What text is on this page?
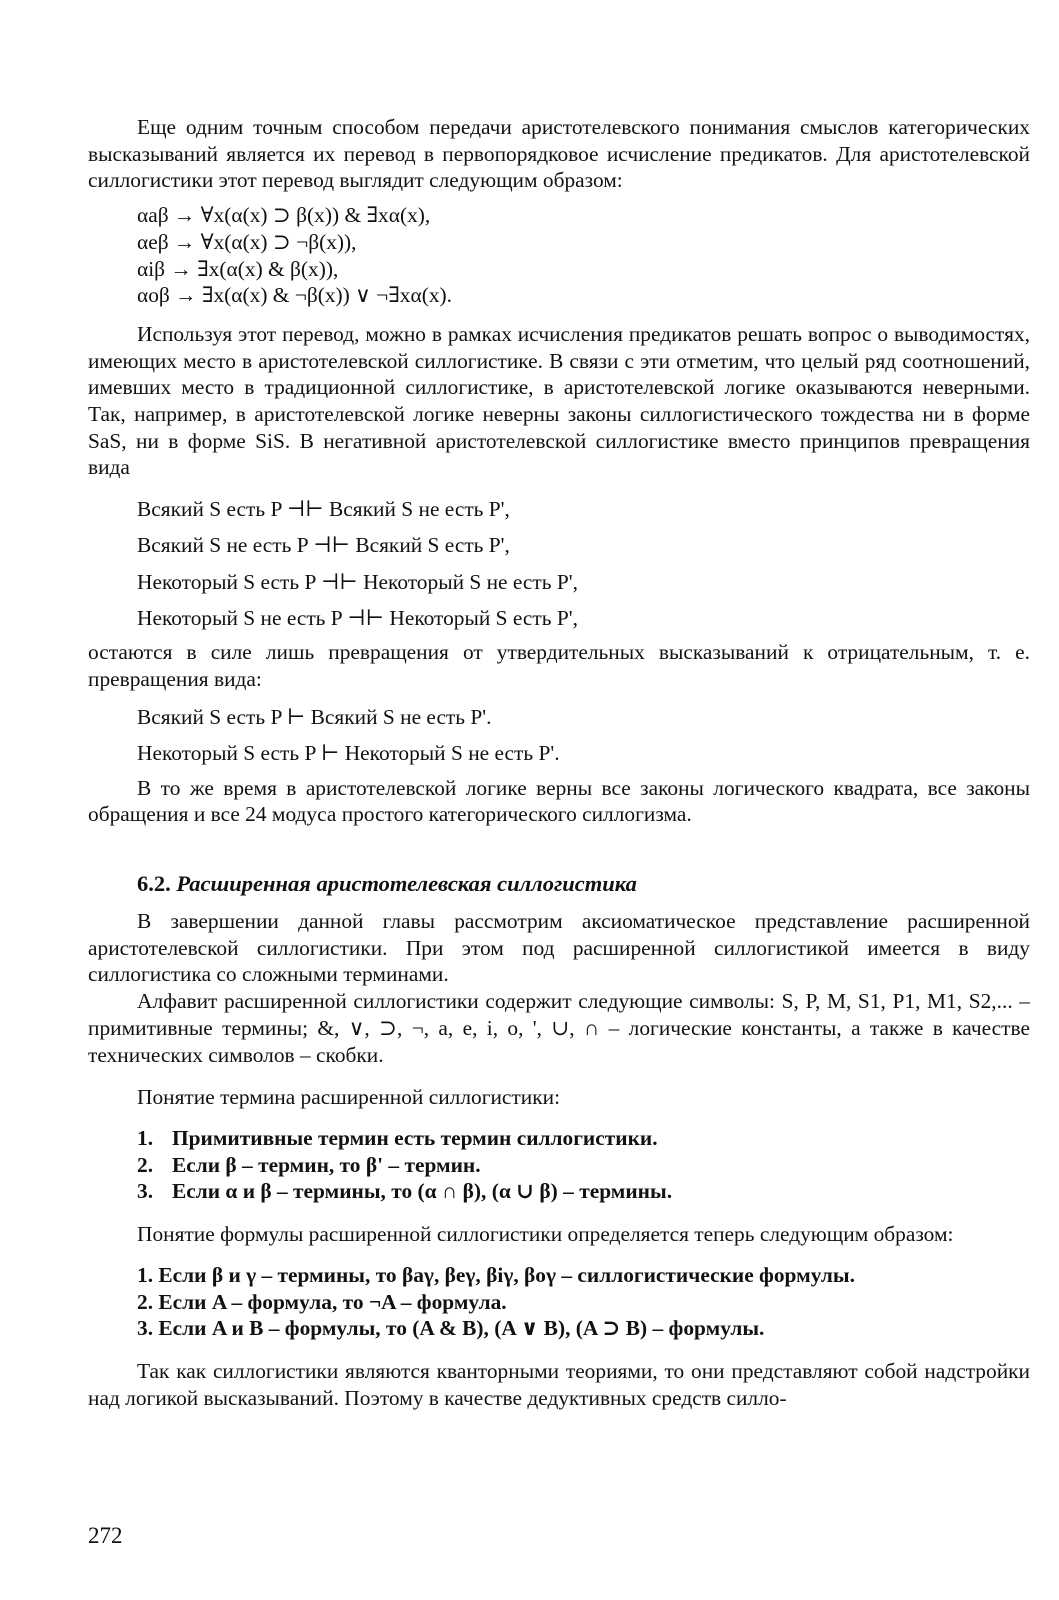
Еще одним точным способом передачи аристотелевского понимания смыслов категорических высказываний является их перевод в первопорядковое исчисление предикатов. Для аристотелевской силлогистики этот перевод выглядит следующим образом:

αaβ → ∀x(α(x) ⊃ β(x)) & ∃xα(x),
αeβ → ∀x(α(x) ⊃ ¬β(x)),
αiβ → ∃x(α(x) & β(x)),
αoβ → ∃x(α(x) & ¬β(x)) ∨ ¬∃xα(x).

Используя этот перевод, можно в рамках исчисления предикатов решать вопрос о выводимостях, имеющих место в аристотелевской силлогистике. В связи с эти отметим, что целый ряд соотношений, имевших место в традиционной силлогистике, в аристотелевской логике оказываются неверными. Так, например, в аристотелевской логике неверны законы силлогистического тождества ни в форме SaS, ни в форме SiS. В негативной аристотелевской силлогистике вместо принципов превращения вида

Всякий S есть P ⊣⊢ Всякий S не есть P',
Всякий S не есть P ⊣⊢ Всякий S есть P',
Некоторый S есть P ⊣⊢ Некоторый S не есть P',
Некоторый S не есть P ⊣⊢ Некоторый S есть P',

остаются в силе лишь превращения от утвердительных высказываний к отрицательным, т. е. превращения вида:

Всякий S есть P ⊢ Всякий S не есть P'.
Некоторый S есть P ⊢ Некоторый S не есть P'.

В то же время в аристотелевской логике верны все законы логического квадрата, все законы обращения и все 24 модуса простого категорического силлогизма.

6.2. Расширенная аристотелевская силлогистика

В завершении данной главы рассмотрим аксиоматическое представление расширенной аристотелевской силлогистики. При этом под расширенной силлогистикой имеется в виду силлогистика со сложными терминами.

Алфавит расширенной силлогистики содержит следующие символы: S, P, M, S1, P1, M1, S2,... – примитивные термины; &, ∨, ⊃, ¬, a, e, i, o, ', ∪, ∩ – логические константы, а также в качестве технических символов – скобки.

Понятие термина расширенной силлогистики:

1. Примитивные термин есть термин силлогистики.
2. Если β – термин, то β' – термин.
3. Если α и β – термины, то (α ∩ β), (α ∪ β) – термины.

Понятие формулы расширенной силлогистики определяется теперь следующим образом:

1. Если β и γ – термины, то βaγ, βeγ, βiγ, βoγ – силлогистические формулы.
2. Если A – формула, то ¬A – формула.
3. Если A и B – формулы, то (A & B), (A ∨ B), (A ⊃ B) – формулы.

Так как силлогистики являются кванторными теориями, то они представляют собой надстройки над логикой высказываний. Поэтому в качестве дедуктивных средств силло-

272
